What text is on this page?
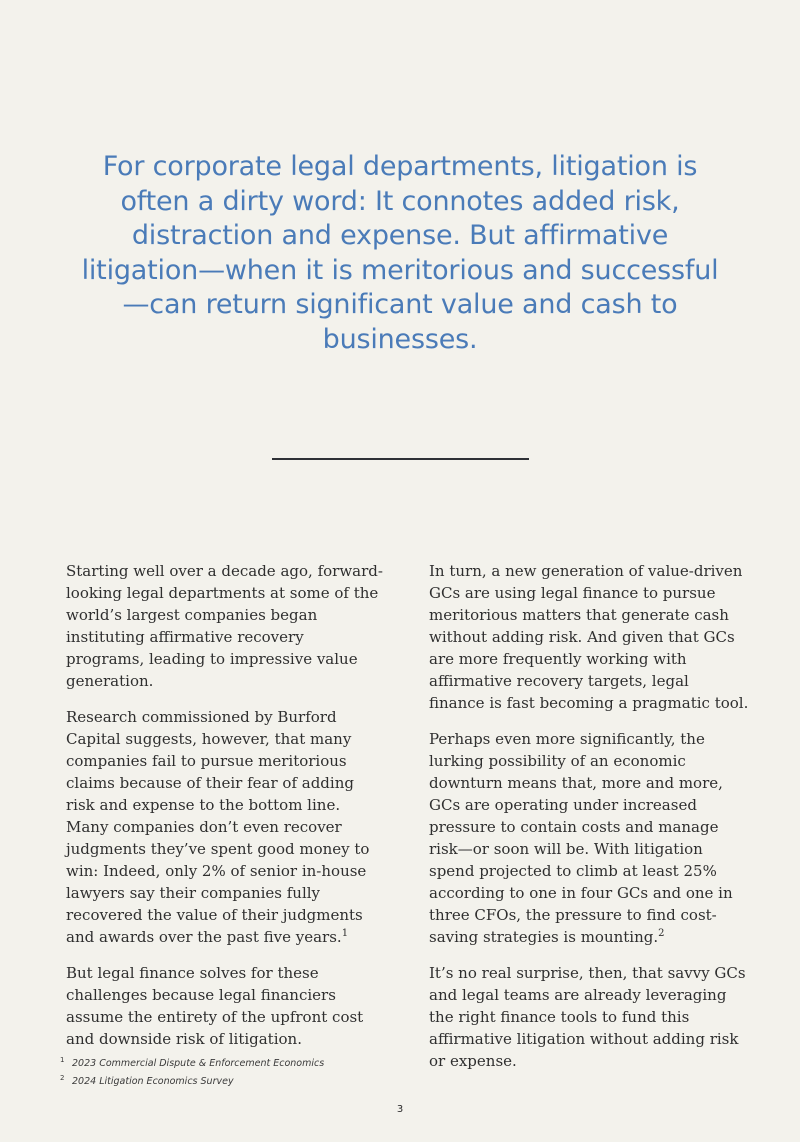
For corporate legal departments, litigation is often a dirty word: It connotes added risk, distraction and expense. But affirmative litigation—when it is meritorious and successful—can return significant value and cash to businesses.

Starting well over a decade ago, forward-looking legal departments at some of the world’s largest companies began instituting affirmative recovery programs, leading to impressive value generation.

Research commissioned by Burford Capital suggests, however, that many companies fail to pursue meritorious claims because of their fear of adding risk and expense to the bottom line. Many companies don’t even recover judgments they’ve spent good money to win: Indeed, only 2% of senior in-house lawyers say their companies fully recovered the value of their judgments and awards over the past five years.$^1$

But legal finance solves for these challenges because legal financiers assume the entirety of the upfront cost and downside risk of litigation.

In turn, a new generation of value-driven GCs are using legal finance to pursue meritorious matters that generate cash without adding risk. And given that GCs are more frequently working with affirmative recovery targets, legal finance is fast becoming a pragmatic tool.

Perhaps even more significantly, the lurking possibility of an economic downturn means that, more and more, GCs are operating under increased pressure to contain costs and manage risk—or soon will be. With litigation spend projected to climb at least 25% according to one in four GCs and one in three CFOs, the pressure to find cost-saving strategies is mounting.$^2$

It’s no real surprise, then, that savvy GCs and legal teams are already leveraging the right finance tools to fund this affirmative litigation without adding risk or expense.

1 2023 Commercial Dispute & Enforcement Economics
2 2024 Litigation Economics Survey
3
